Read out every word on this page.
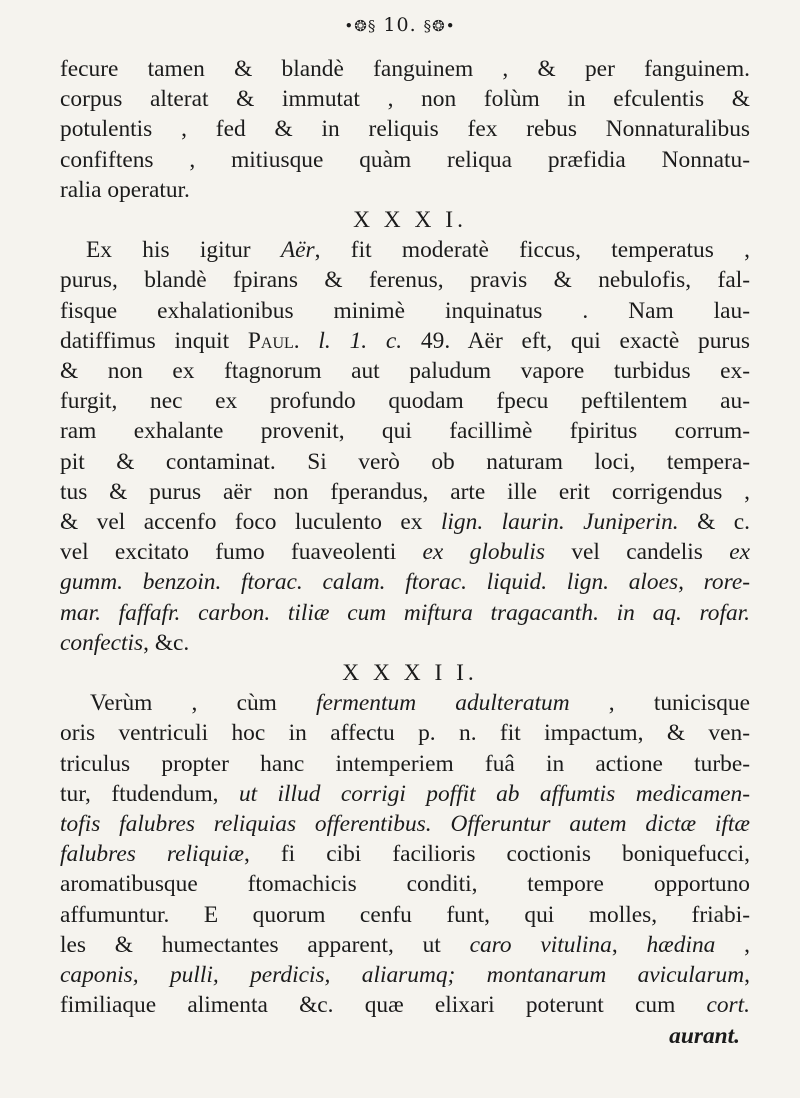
•❂§ 10. §❂•
fecure tamen & blandè fanguinem , & per fanguinem.
corpus alterat & immutat , non folùm in efculentis &
potulentis , fed & in reliquis fex rebus Nonnaturalibus
confiftens , mitiusque quàm reliqua præfidia Nonnatu-
ralia operatur.
X X X I.
Ex his igitur Aër, fit moderatè ficcus, temperatus ,
purus, blandè fpirans & ferenus, pravis & nebulofis, fal-
fisque exhalationibus minimè inquinatus . Nam lau-
datiffimus inquit Paul. l. 1. c. 49. Aër eft, qui exactè purus
& non ex ftagnorum aut paludum vapore turbidus ex-
furgit, nec ex profundo quodam fpecu peftilentem au-
ram exhalante provenit, qui facillimè fpiritus corrum-
pit & contaminat. Si verò ob naturam loci, tempera-
tus & purus aër non fperandus, arte ille erit corrigendus ,
& vel accenfo foco luculento ex lign. laurin. Juniperin. & c.
vel excitato fumo fuaveolenti ex globulis vel candelis ex
gumm. benzoin. ftorac. calam. ftorac. liquid. lign. aloes, rore-
mar. faffafr. carbon. tiliæ cum miftura tragacanth. in aq. rofar.
confectis, &c.
X X X I I.
Verùm , cùm fermentum adulteratum , tunicisque
oris ventriculi hoc in affectu p. n. fit impactum, & ven-
triculus propter hanc intemperiem fuâ in actione turbe-
tur, ftudendum, ut illud corrigi poffit ab affumtis medicamen-
tofis falubres reliquias offerentibus. Offeruntur autem dictæ iftæ
falubres reliquiæ, fi cibi facilioris coctionis boniquefucci,
aromatibusque ftomachicis conditi, tempore opportuno
affumuntur. E quorum cenfu funt, qui molles, friabi-
les & humectantes apparent, ut caro vitulina, hædina ,
caponis, pulli, perdicis, aliarumq; montanarum avicularum,
fimiliaque alimenta &c. quæ elixari poterunt cum cort.
aurant.
